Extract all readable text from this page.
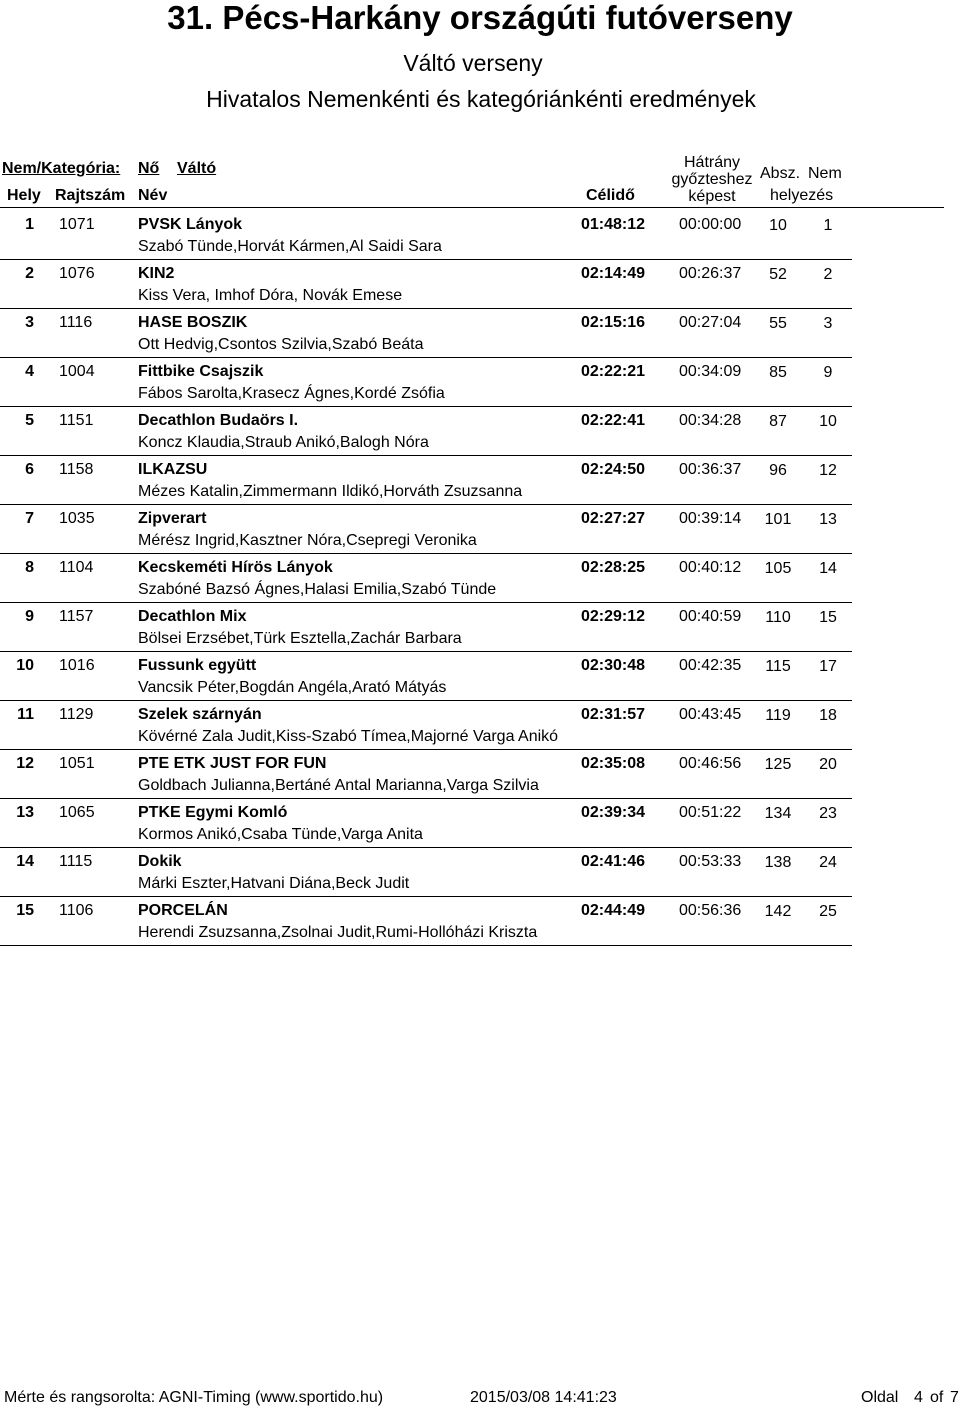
31. Pécs-Harkány országúti futóverseny
Váltó verseny
Hivatalos Nemenkénti és kategóriánkénti eredmények
Nem/Kategória: Nő Váltó
Hely Rajtszám Név	Célidő
Hátrány
győzteshez
képest
Absz. Nem
helyezés
1 1071	PVSK Lányok
Szabó Tünde,Horvát Kármen,Al Saidi Sara
01:48:12 00:00:00	10	1
2 1076	KIN2
Kiss Vera, Imhof Dóra, Novák Emese
02:14:49 00:26:37	52	2
3 1116	HASE BOSZIK
Ott Hedvig,Csontos Szilvia,Szabó Beáta
02:15:16 00:27:04	55	3
4 1004	Fittbike Csajszik
Fábos Sarolta,Krasecz Ágnes,Kordé Zsófia
02:22:21 00:34:09	85	9
5 1151	Decathlon Budaörs I.
Koncz Klaudia,Straub Anikó,Balogh Nóra
02:22:41 00:34:28	87	10
6 1158	ILKAZSU
Mézes Katalin,Zimmermann Ildikó,Horváth Zsuzsanna
02:24:50 00:36:37	96	12
7 1035	Zipverart
Mérész Ingrid,Kasztner Nóra,Csepregi Veronika
02:27:27 00:39:14 101	13
8 1104	Kecskeméti Hírös Lányok
Szabóné Bazsó Ágnes,Halasi Emilia,Szabó Tünde
02:28:25 00:40:12 105	14
9 1157	Decathlon Mix
Bölsei Erzsébet,Türk Esztella,Zachár Barbara
02:29:12 00:40:59 110	15
10 1016	Fussunk együtt
Vancsik Péter,Bogdán Angéla,Arató Mátyás
02:30:48 00:42:35 115	17
11 1129	Szelek szárnyán
Kövérné Zala Judit,Kiss-Szabó Tímea,Majorné Varga Anikó
02:31:57 00:43:45 119	18
12 1051	PTE ETK JUST FOR FUN
Goldbach Julianna,Bertáné Antal Marianna,Varga Szilvia
02:35:08 00:46:56 125	20
13 1065	PTKE Egymi Komló
Kormos Anikó,Csaba Tünde,Varga Anita
02:39:34 00:51:22 134	23
14 1115	Dokik
Márki Eszter,Hatvani Diána,Beck Judit
02:41:46 00:53:33 138	24
15 1106	PORCELÁN
Herendi Zsuzsanna,Zsolnai Judit,Rumi-Hollóházi Kriszta
02:44:49 00:56:36 142	25
Mérte és rangsorolta: AGNI-Timing (www.sportido.hu)	2015/03/08 14:41:23	Oldal 4 of 7
